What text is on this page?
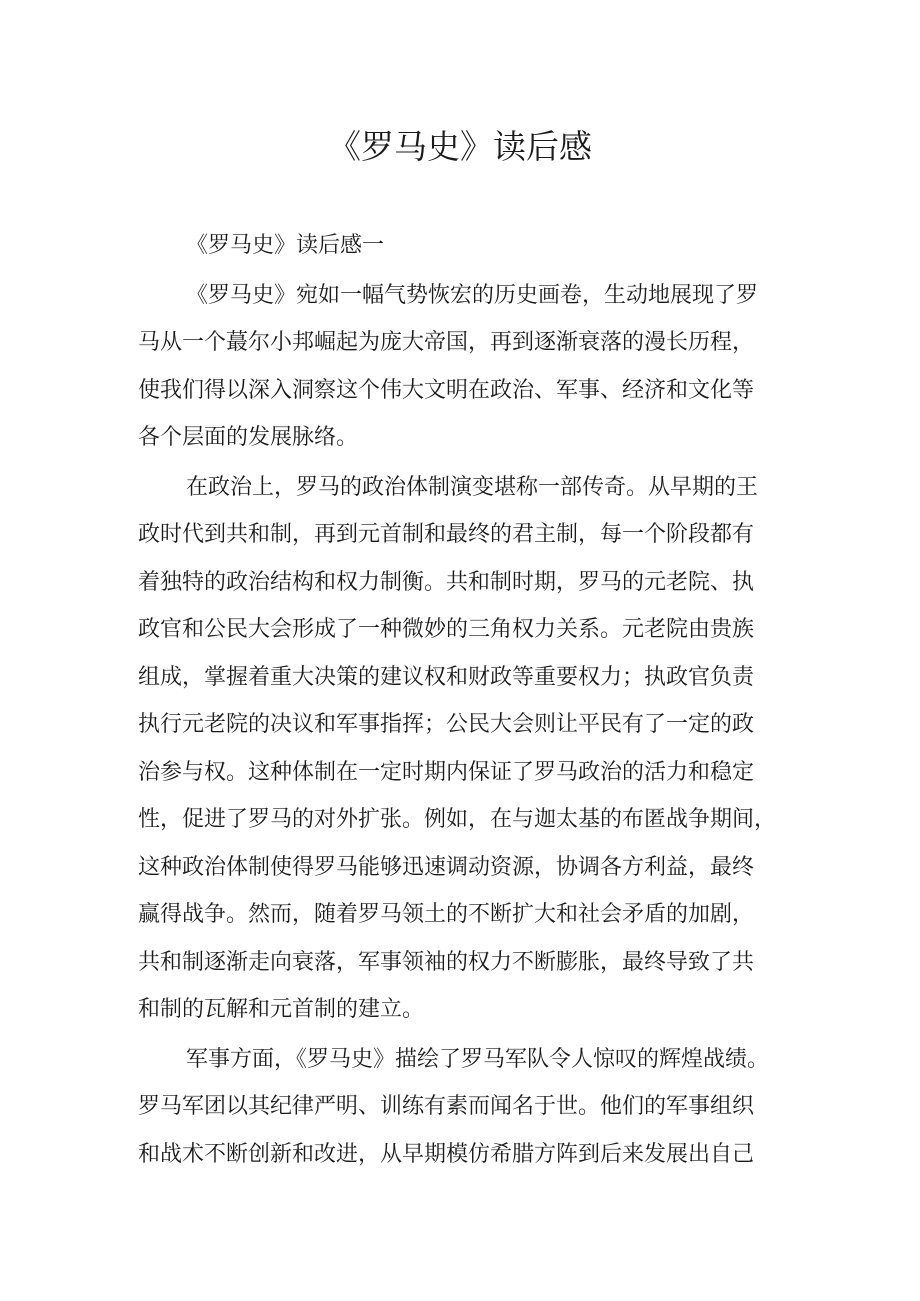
《罗马史》读后感

《罗马史》读后感一

《罗马史》宛如一幅气势恢宏的历史画卷，生动地展现了罗
马从一个蕞尔小邦崛起为庞大帝国，再到逐渐衰落的漫长历程，
使我们得以深入洞察这个伟大文明在政治、军事、经济和文化等
各个层面的发展脉络。

在政治上，罗马的政治体制演变堪称一部传奇。从早期的王
政时代到共和制，再到元首制和最终的君主制，每一个阶段都有
着独特的政治结构和权力制衡。共和制时期，罗马的元老院、执
政官和公民大会形成了一种微妙的三角权力关系。元老院由贵族
组成，掌握着重大决策的建议权和财政等重要权力；执政官负责
执行元老院的决议和军事指挥；公民大会则让平民有了一定的政
治参与权。这种体制在一定时期内保证了罗马政治的活力和稳定
性，促进了罗马的对外扩张。例如，在与迦太基的布匿战争期间，
这种政治体制使得罗马能够迅速调动资源，协调各方利益，最终
赢得战争。然而，随着罗马领土的不断扩大和社会矛盾的加剧，
共和制逐渐走向衰落，军事领袖的权力不断膨胀，最终导致了共
和制的瓦解和元首制的建立。

军事方面，《罗马史》描绘了罗马军队令人惊叹的辉煌战绩。
罗马军团以其纪律严明、训练有素而闻名于世。他们的军事组织
和战术不断创新和改进，从早期模仿希腊方阵到后来发展出自己
